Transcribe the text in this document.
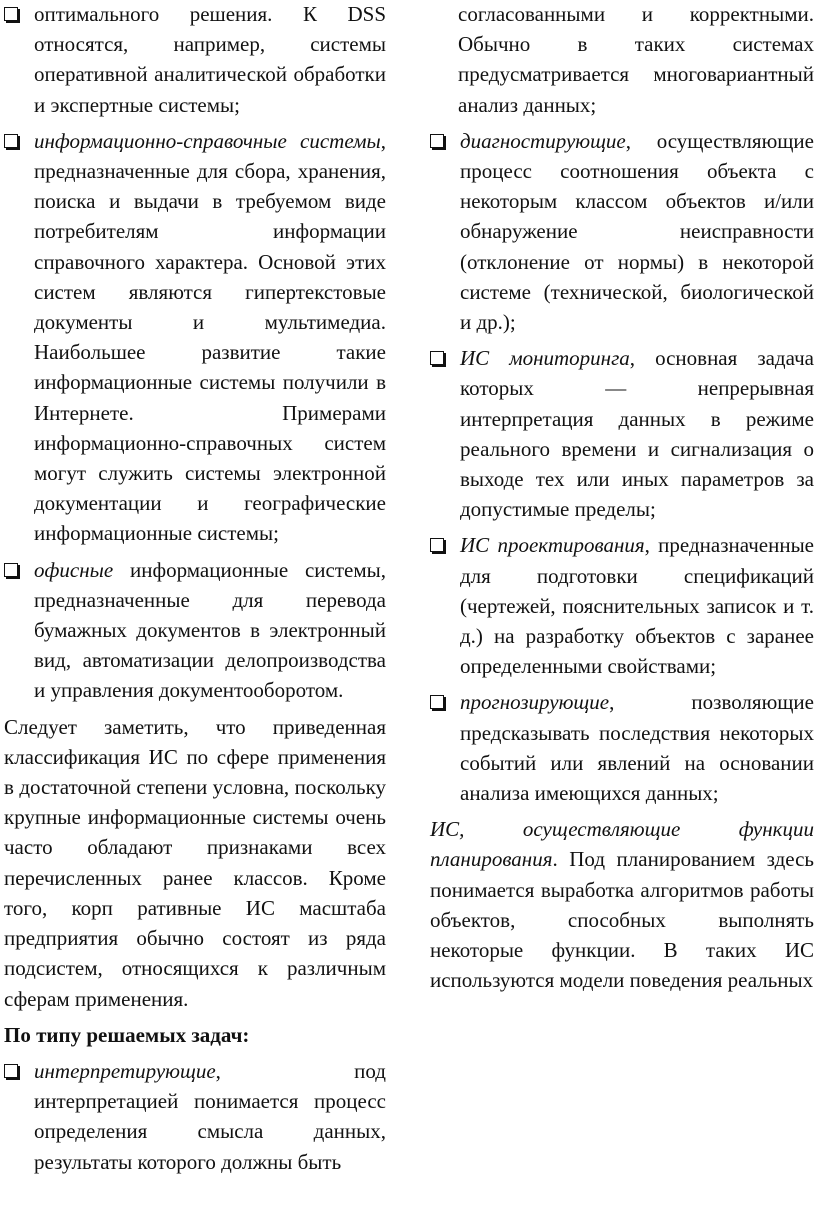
оптимального решения. К DSS относятся, например, системы оперативной аналитической обработки и экспертные системы;
информационно-справочные системы, предназначенные для сбора, хранения, поиска и выдачи в требуемом виде потребителям информации справочного характера. Основой этих систем являются гипертекстовые документы и мультимедиа. Наибольшее развитие такие информационные системы получили в Интернете. Примерами информационно-справочных систем могут служить системы электронной документации и географические информационные системы;
офисные информационные системы, предназначенные для перевода бумажных документов в электронный вид, автоматизации делопроизводства и управления документооборотом.

Следует заметить, что приведенная классификация ИС по сфере применения в достаточной степени условна, поскольку крупные информационные системы очень часто обладают признаками всех перечисленных ранее классов. Кроме того, корп ративные ИС масштаба предприятия обычно состоят из ряда подсистем, относящихся к различным сферам применения.

По типу решаемых задач:
интерпретирующие, под интерпретацией понимается процесс определения смысла данных, результаты которого должны быть
согласованными и корректными. Обычно в таких системах предусматривается многовариантный анализ данных;
диагностирующие, осуществляющие процесс соотношения объекта с некоторым классом объектов и/или обнаружение неисправности (отклонение от нормы) в некоторой системе (технической, биологической и др.);
ИС мониторинга, основная задача которых — непрерывная интерпретация данных в режиме реального времени и сигнализация о выходе тех или иных параметров за допустимые пределы;
ИС проектирования, предназначенные для подготовки спецификаций (чертежей, пояснительных записок и т. д.) на разработку объектов с заранее определенными свойствами;
прогнозирующие, позволяющие предсказывать последствия некоторых событий или явлений на основании анализа имеющихся данных;

ИС, осуществляющие функции планирования. Под планированием здесь понимается выработка алгоритмов работы объектов, способных выполнять некоторые функции. В таких ИС используются модели поведения реальных
